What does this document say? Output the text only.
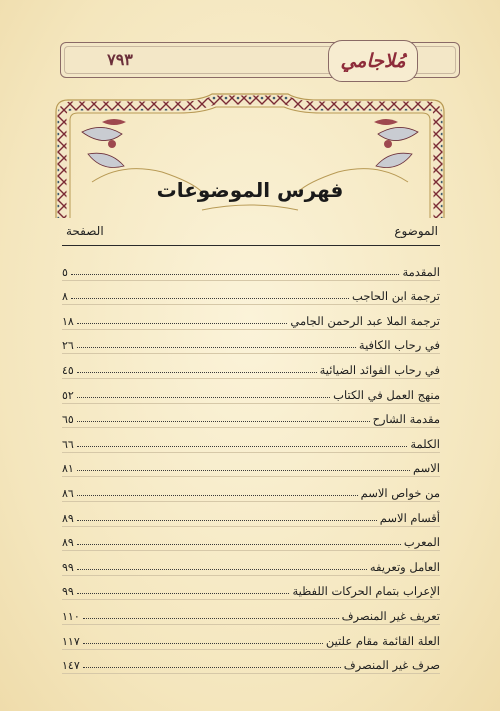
٧٩٣	مُلاجامي
فهرس الموضوعات
الموضوع
الصفحة
المقدمة
٥
ترجمة ابن الحاجب
٨
ترجمة الملا عبد الرحمن الجامي
١٨
في رحاب الكافية
٢٦
في رحاب الفوائد الضيائية
٤٥
منهج العمل في الكتاب
٥٢
مقدمة الشارح
٦٥
الكلمة
٦٦
الاسم
٨١
من خواص الاسم
٨٦
أقسام الاسم
٨٩
المعرب
٨٩
العامل وتعريفه
٩٩
الإعراب بتمام الحركات اللفظية
٩٩
تعريف غير المنصرف
١١٠
العلة القائمة مقام علتين
١١٧
صرف غير المنصرف
١٤٧
